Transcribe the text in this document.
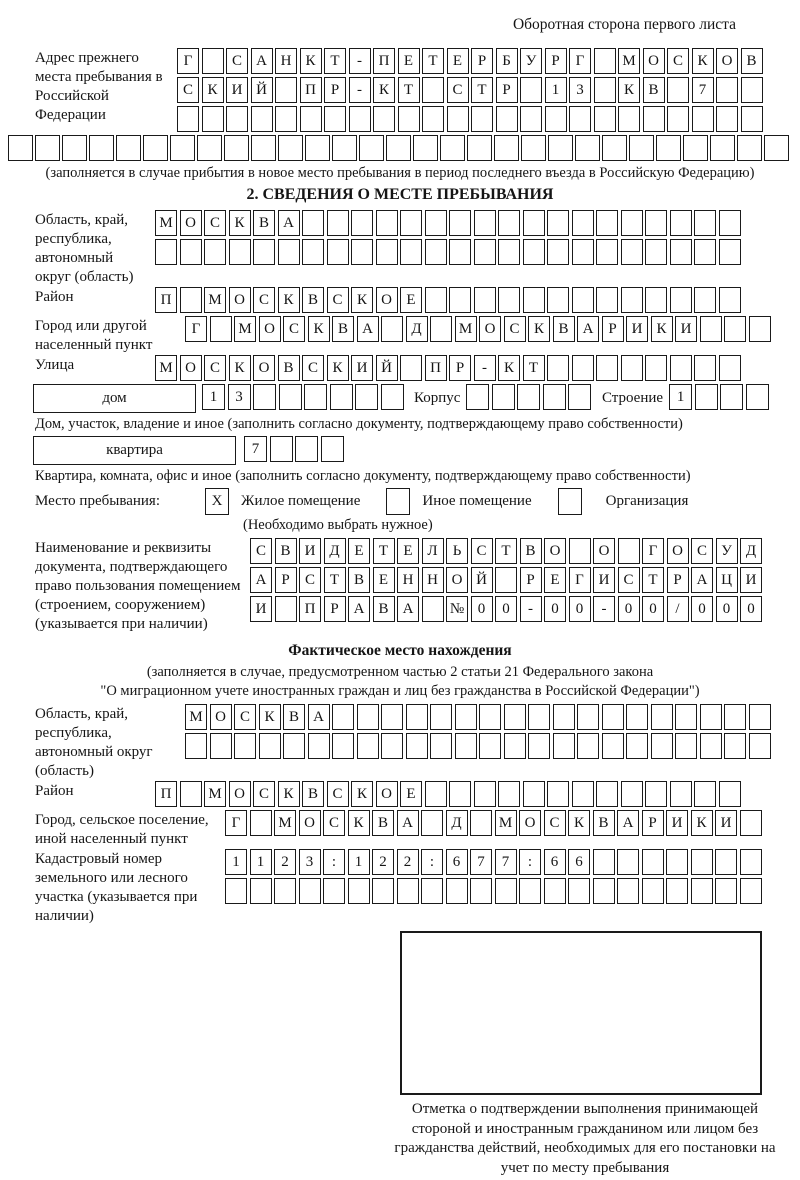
Оборотная сторона первого листа
Адрес прежнего места пребывания в Российской Федерации
Г	С А Н К Т	-	П Е	Т	Е	Р	Б У	Р	Г	М О С К О В
С К И Й	П Р	-	К Т	С Т	Р	1	3	К В	7
(заполняется в случае прибытия в новое место пребывания в период последнего въезда в Российскую Федерацию)
2. СВЕДЕНИЯ О МЕСТЕ ПРЕБЫВАНИЯ
Область, край, республика, автономный округ (область)
М О С К В А
Район	П	М О С К В С К О Е
Город или другой населенный пункт
Г	М О С К В А	Д	М О С К В А Р И К И
Улица	М О С К О В С К И Й	П Р	-	К Т
дом	1	3	Корпус	Строение 1
Дом, участок, владение и иное (заполнить согласно документу, подтверждающему право собственности)
квартира	7
Квартира, комната, офис и иное (заполнить согласно документу, подтверждающему право собственности)
Место пребывания:	X	Жилое помещение	Иное помещение	Организация
(Необходимо выбрать нужное)
Наименование и реквизиты документа, подтверждающего право пользования помещением (строением, сооружением) (указывается при наличии)
С В И Д Е	Т	Е Л	Ь	С Т В О	О	Г О С У Д
А Р	С Т В Е Н Н О Й	Р	Е	Г И С Т	Р А Ц И
И	П Р А В А	№ 0	0	-	0	0	-	0	0	/	0	0	0
Фактическое место нахождения
(заполняется в случае, предусмотренном частью 2 статьи 21 Федерального закона
"О миграционном учете иностранных граждан и лиц без гражданства в Российской Федерации")
Область, край, республика, автономный округ (область)
М О С К В А
Район	П	М О С К В С К О Е
Город, сельское поселение, иной населенный пункт
Г	М О С К В А	Д	М О С К В А Р И К И
Кадастровый номер земельного или лесного участка (указывается при наличии)
1	1	2	3	:	1	2	2	:	6	7	7	:	6	6
Отметка о подтверждении выполнения принимающей стороной и иностранным гражданином или лицом без гражданства действий, необходимых для его постановки на учет по месту пребывания
